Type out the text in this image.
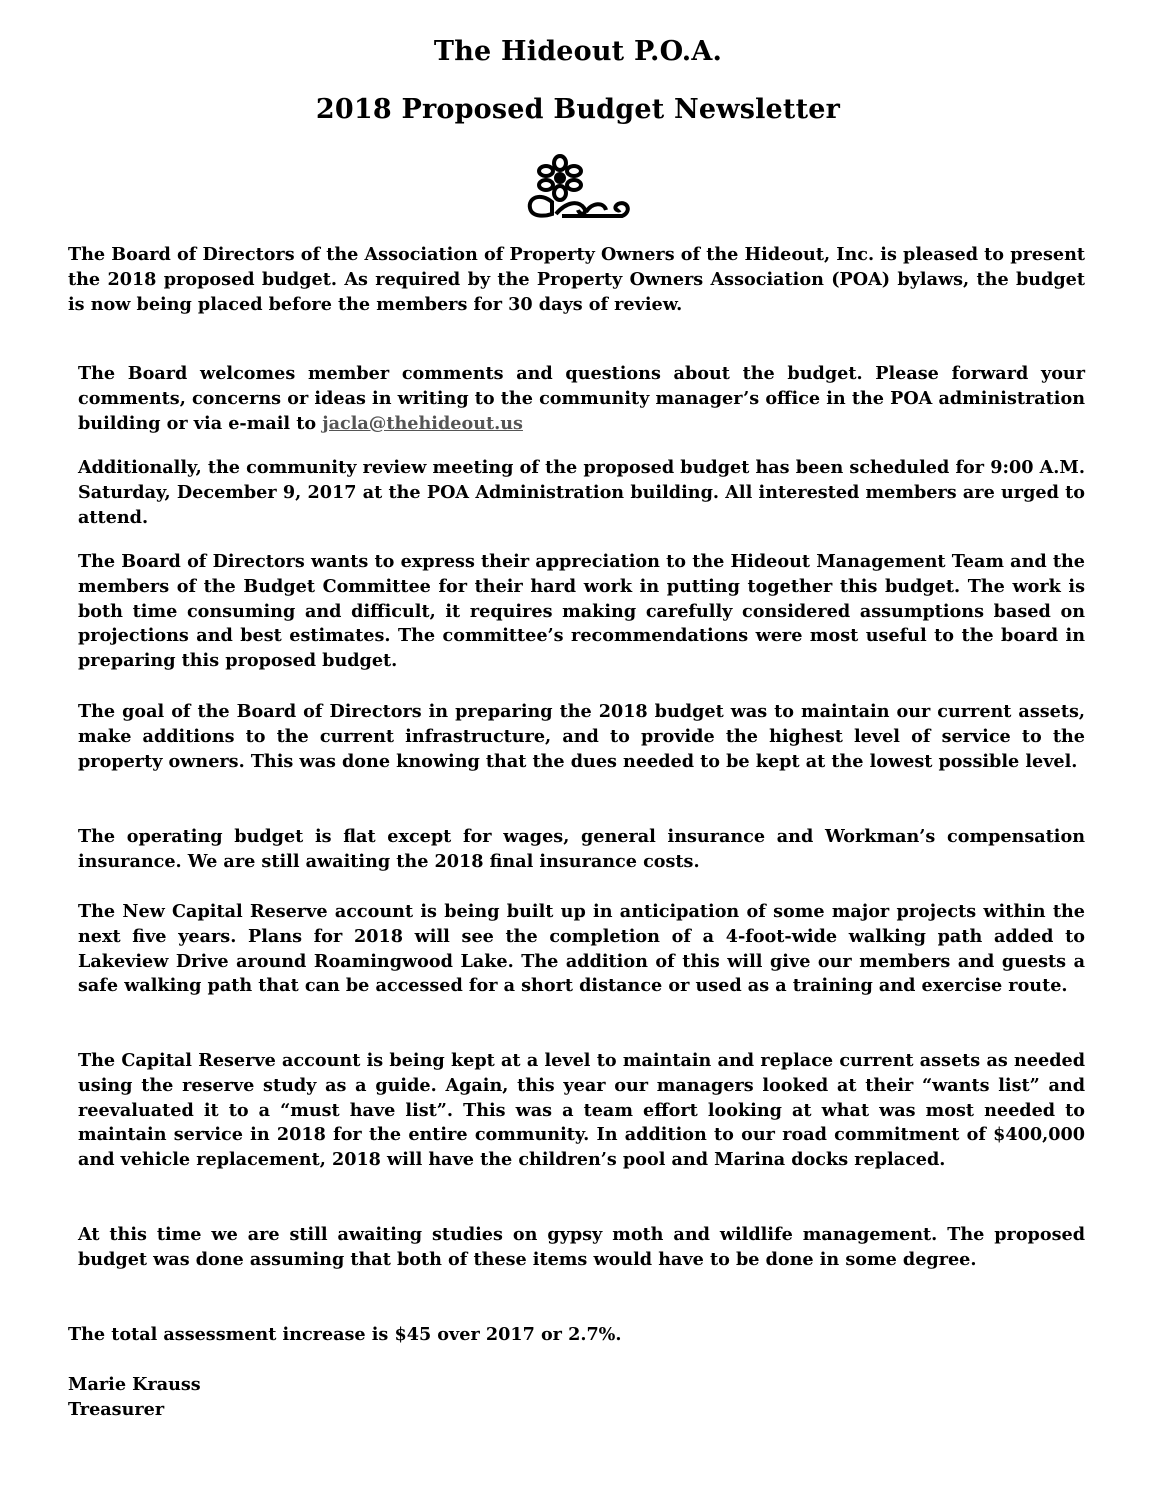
The Hideout P.O.A.
2018 Proposed Budget Newsletter

The Board of Directors of the Association of Property Owners of the Hideout, Inc. is pleased to present the 2018 proposed budget. As required by the Property Owners Association (POA) bylaws, the budget is now being placed before the members for 30 days of review.

The Board welcomes member comments and questions about the budget. Please forward your comments, concerns or ideas in writing to the community manager’s office in the POA administration building or via e-mail to jacla@thehideout.us

Additionally, the community review meeting of the proposed budget has been scheduled for 9:00 A.M. Saturday, December 9, 2017 at the POA Administration building. All interested members are urged to attend.

The Board of Directors wants to express their appreciation to the Hideout Management Team and the members of the Budget Committee for their hard work in putting together this budget. The work is both time consuming and difficult, it requires making carefully considered assumptions based on projections and best estimates. The committee’s recommendations were most useful to the board in preparing this proposed budget.

The goal of the Board of Directors in preparing the 2018 budget was to maintain our current assets, make additions to the current infrastructure, and to provide the highest level of service to the property owners. This was done knowing that the dues needed to be kept at the lowest possible level.

The operating budget is flat except for wages, general insurance and Workman’s compensation insurance. We are still awaiting the 2018 final insurance costs.

The New Capital Reserve account is being built up in anticipation of some major projects within the next five years. Plans for 2018 will see the completion of a 4-foot-wide walking path added to Lakeview Drive around Roamingwood Lake. The addition of this will give our members and guests a safe walking path that can be accessed for a short distance or used as a training and exercise route.

The Capital Reserve account is being kept at a level to maintain and replace current assets as needed using the reserve study as a guide. Again, this year our managers looked at their “wants list” and reevaluated it to a “must have list”. This was a team effort looking at what was most needed to maintain service in 2018 for the entire community. In addition to our road commitment of $400,000 and vehicle replacement, 2018 will have the children’s pool and Marina docks replaced.

At this time we are still awaiting studies on gypsy moth and wildlife management. The proposed budget was done assuming that both of these items would have to be done in some degree.

The total assessment increase is $45 over 2017 or 2.7%.
Marie Krauss
Treasurer
